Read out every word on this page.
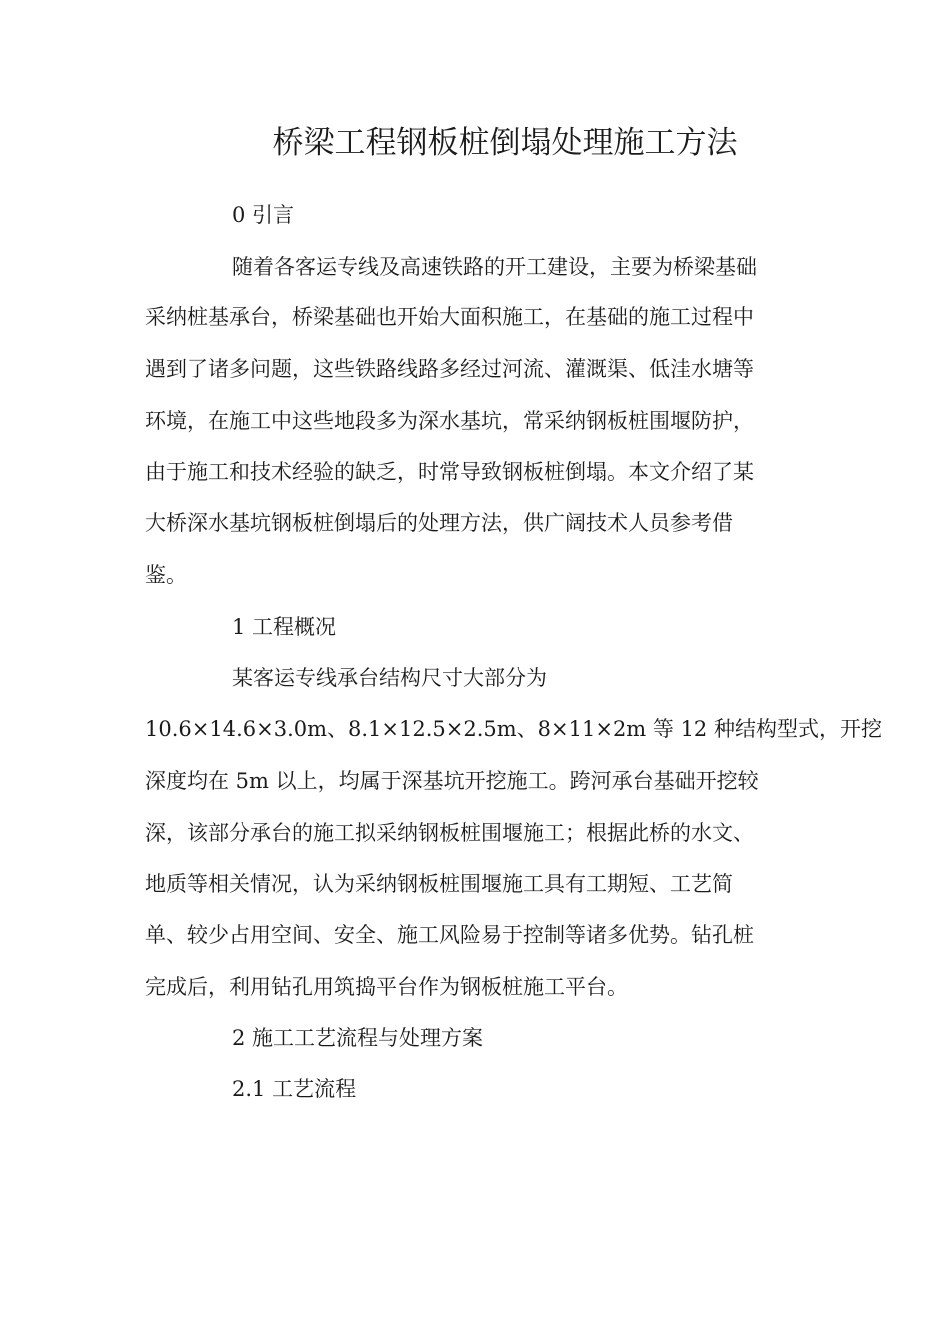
桥梁工程钢板桩倒塌处理施工方法

0 引言

随着各客运专线及高速铁路的开工建设，主要为桥梁基础

采纳桩基承台，桥梁基础也开始大面积施工，在基础的施工过程中

遇到了诸多问题，这些铁路线路多经过河流、灌溉渠、低洼水塘等

环境，在施工中这些地段多为深水基坑，常采纳钢板桩围堰防护，

由于施工和技术经验的缺乏，时常导致钢板桩倒塌。本文介绍了某

大桥深水基坑钢板桩倒塌后的处理方法，供广阔技术人员参考借

鉴。

1 工程概况

某客运专线承台结构尺寸大部分为

10.6×14.6×3.0m、8.1×12.5×2.5m、8×11×2m 等 12 种结构型式，开挖

深度均在 5m 以上，均属于深基坑开挖施工。跨河承台基础开挖较

深，该部分承台的施工拟采纳钢板桩围堰施工；根据此桥的水文、

地质等相关情况，认为采纳钢板桩围堰施工具有工期短、工艺简

单、较少占用空间、安全、施工风险易于控制等诸多优势。钻孔桩

完成后，利用钻孔用筑捣平台作为钢板桩施工平台。

2 施工工艺流程与处理方案

2.1 工艺流程
